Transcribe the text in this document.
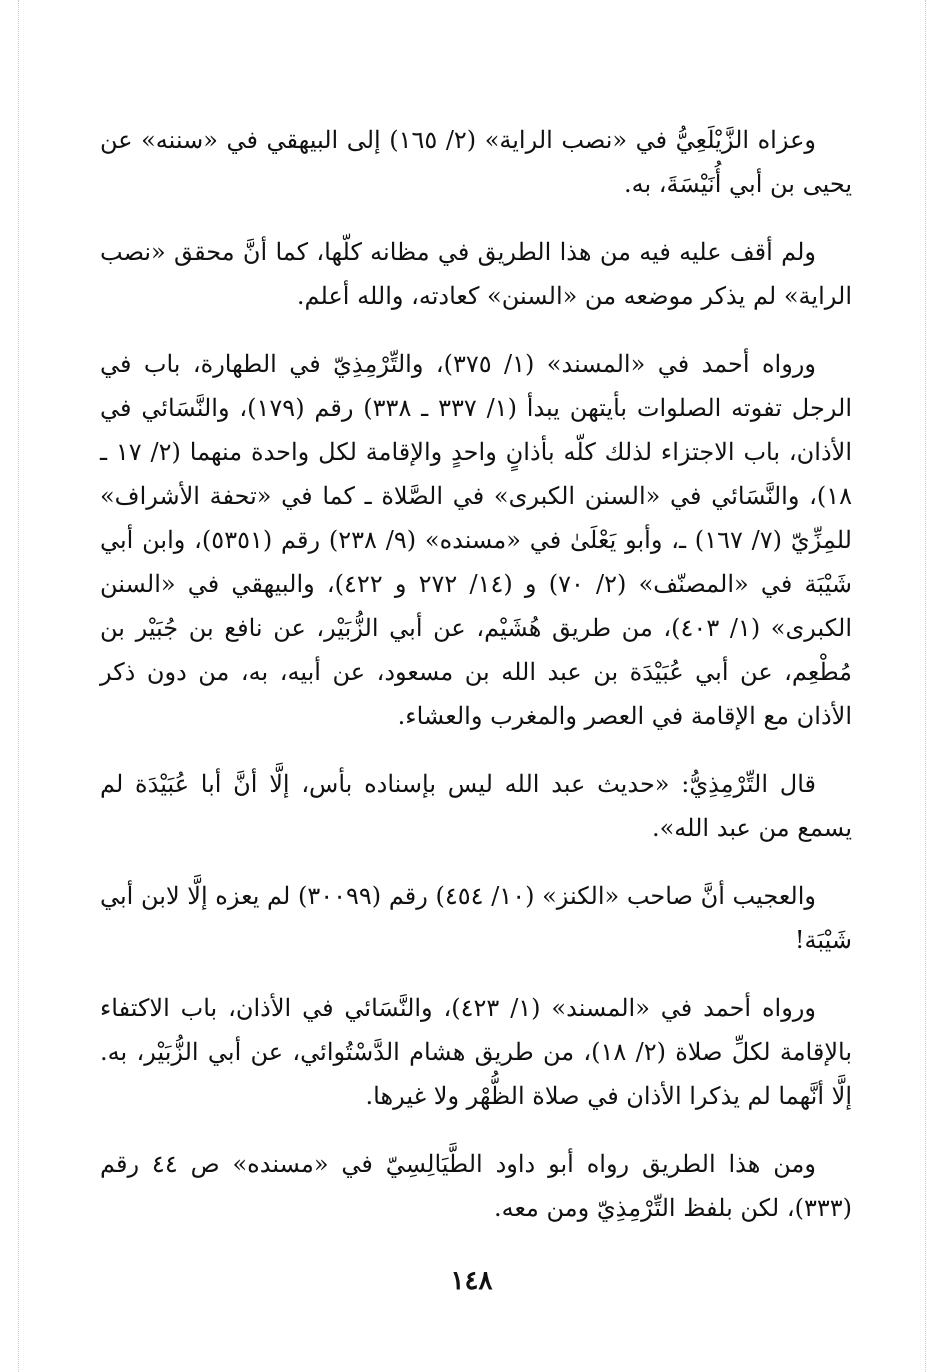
وعزاه الزَّيْلَعِيُّ في «نصب الراية» (٢/ ١٦٥) إلى البيهقي في «سننه» عن يحيى بن أبي أُنَيْسَةَ، به.

ولم أقف عليه فيه من هذا الطريق في مظانه كلّها، كما أنَّ محقق «نصب الراية» لم يذكر موضعه من «السنن» كعادته، والله أعلم.

ورواه أحمد في «المسند» (١/ ٣٧٥)، والتِّرْمِذِيّ في الطهارة، باب في الرجل تفوته الصلوات بأيتهن يبدأ (١/ ٣٣٧ ـ ٣٣٨) رقم (١٧٩)، والنَّسَائي في الأذان، باب الاجتزاء لذلك كلّه بأذانٍ واحدٍ والإقامة لكل واحدة منهما (٢/ ١٧ ـ ١٨)، والنَّسَائي في «السنن الكبرى» في الصَّلاة ـ كما في «تحفة الأشراف» للمِزِّيّ (٧/ ١٦٧) ـ، وأبو يَعْلَىٰ في «مسنده» (٩/ ٢٣٨) رقم (٥٣٥١)، وابن أبي شَيْبَة في «المصنّف» (٢/ ٧٠) و (١٤/ ٢٧٢ و ٤٢٢)، والبيهقي في «السنن الكبرى» (١/ ٤٠٣)، من طريق هُشَيْم، عن أبي الزُّبَيْر، عن نافع بن جُبَيْر بن مُطْعِم، عن أبي عُبَيْدَة بن عبد الله بن مسعود، عن أبيه، به، من دون ذكر الأذان مع الإقامة في العصر والمغرب والعشاء.

قال التِّرْمِذِيُّ: «حديث عبد الله ليس بإسناده بأس، إلَّا أنَّ أبا عُبَيْدَة لم يسمع من عبد الله».

والعجيب أنَّ صاحب «الكنز» (١٠/ ٤٥٤) رقم (٣٠٠٩٩) لم يعزه إلَّا لابن أبي شَيْبَة!

ورواه أحمد في «المسند» (١/ ٤٢٣)، والنَّسَائي في الأذان، باب الاكتفاء بالإقامة لكلِّ صلاة (٢/ ١٨)، من طريق هشام الدَّسْتُوائي، عن أبي الزُّبَيْر، به. إلَّا أنَّهما لم يذكرا الأذان في صلاة الظُّهْر ولا غيرها.

ومن هذا الطريق رواه أبو داود الطَّيَالِسِيّ في «مسنده» ص ٤٤ رقم (٣٣٣)، لكن بلفظ التِّرْمِذِيّ ومن معه.

١٤٨
